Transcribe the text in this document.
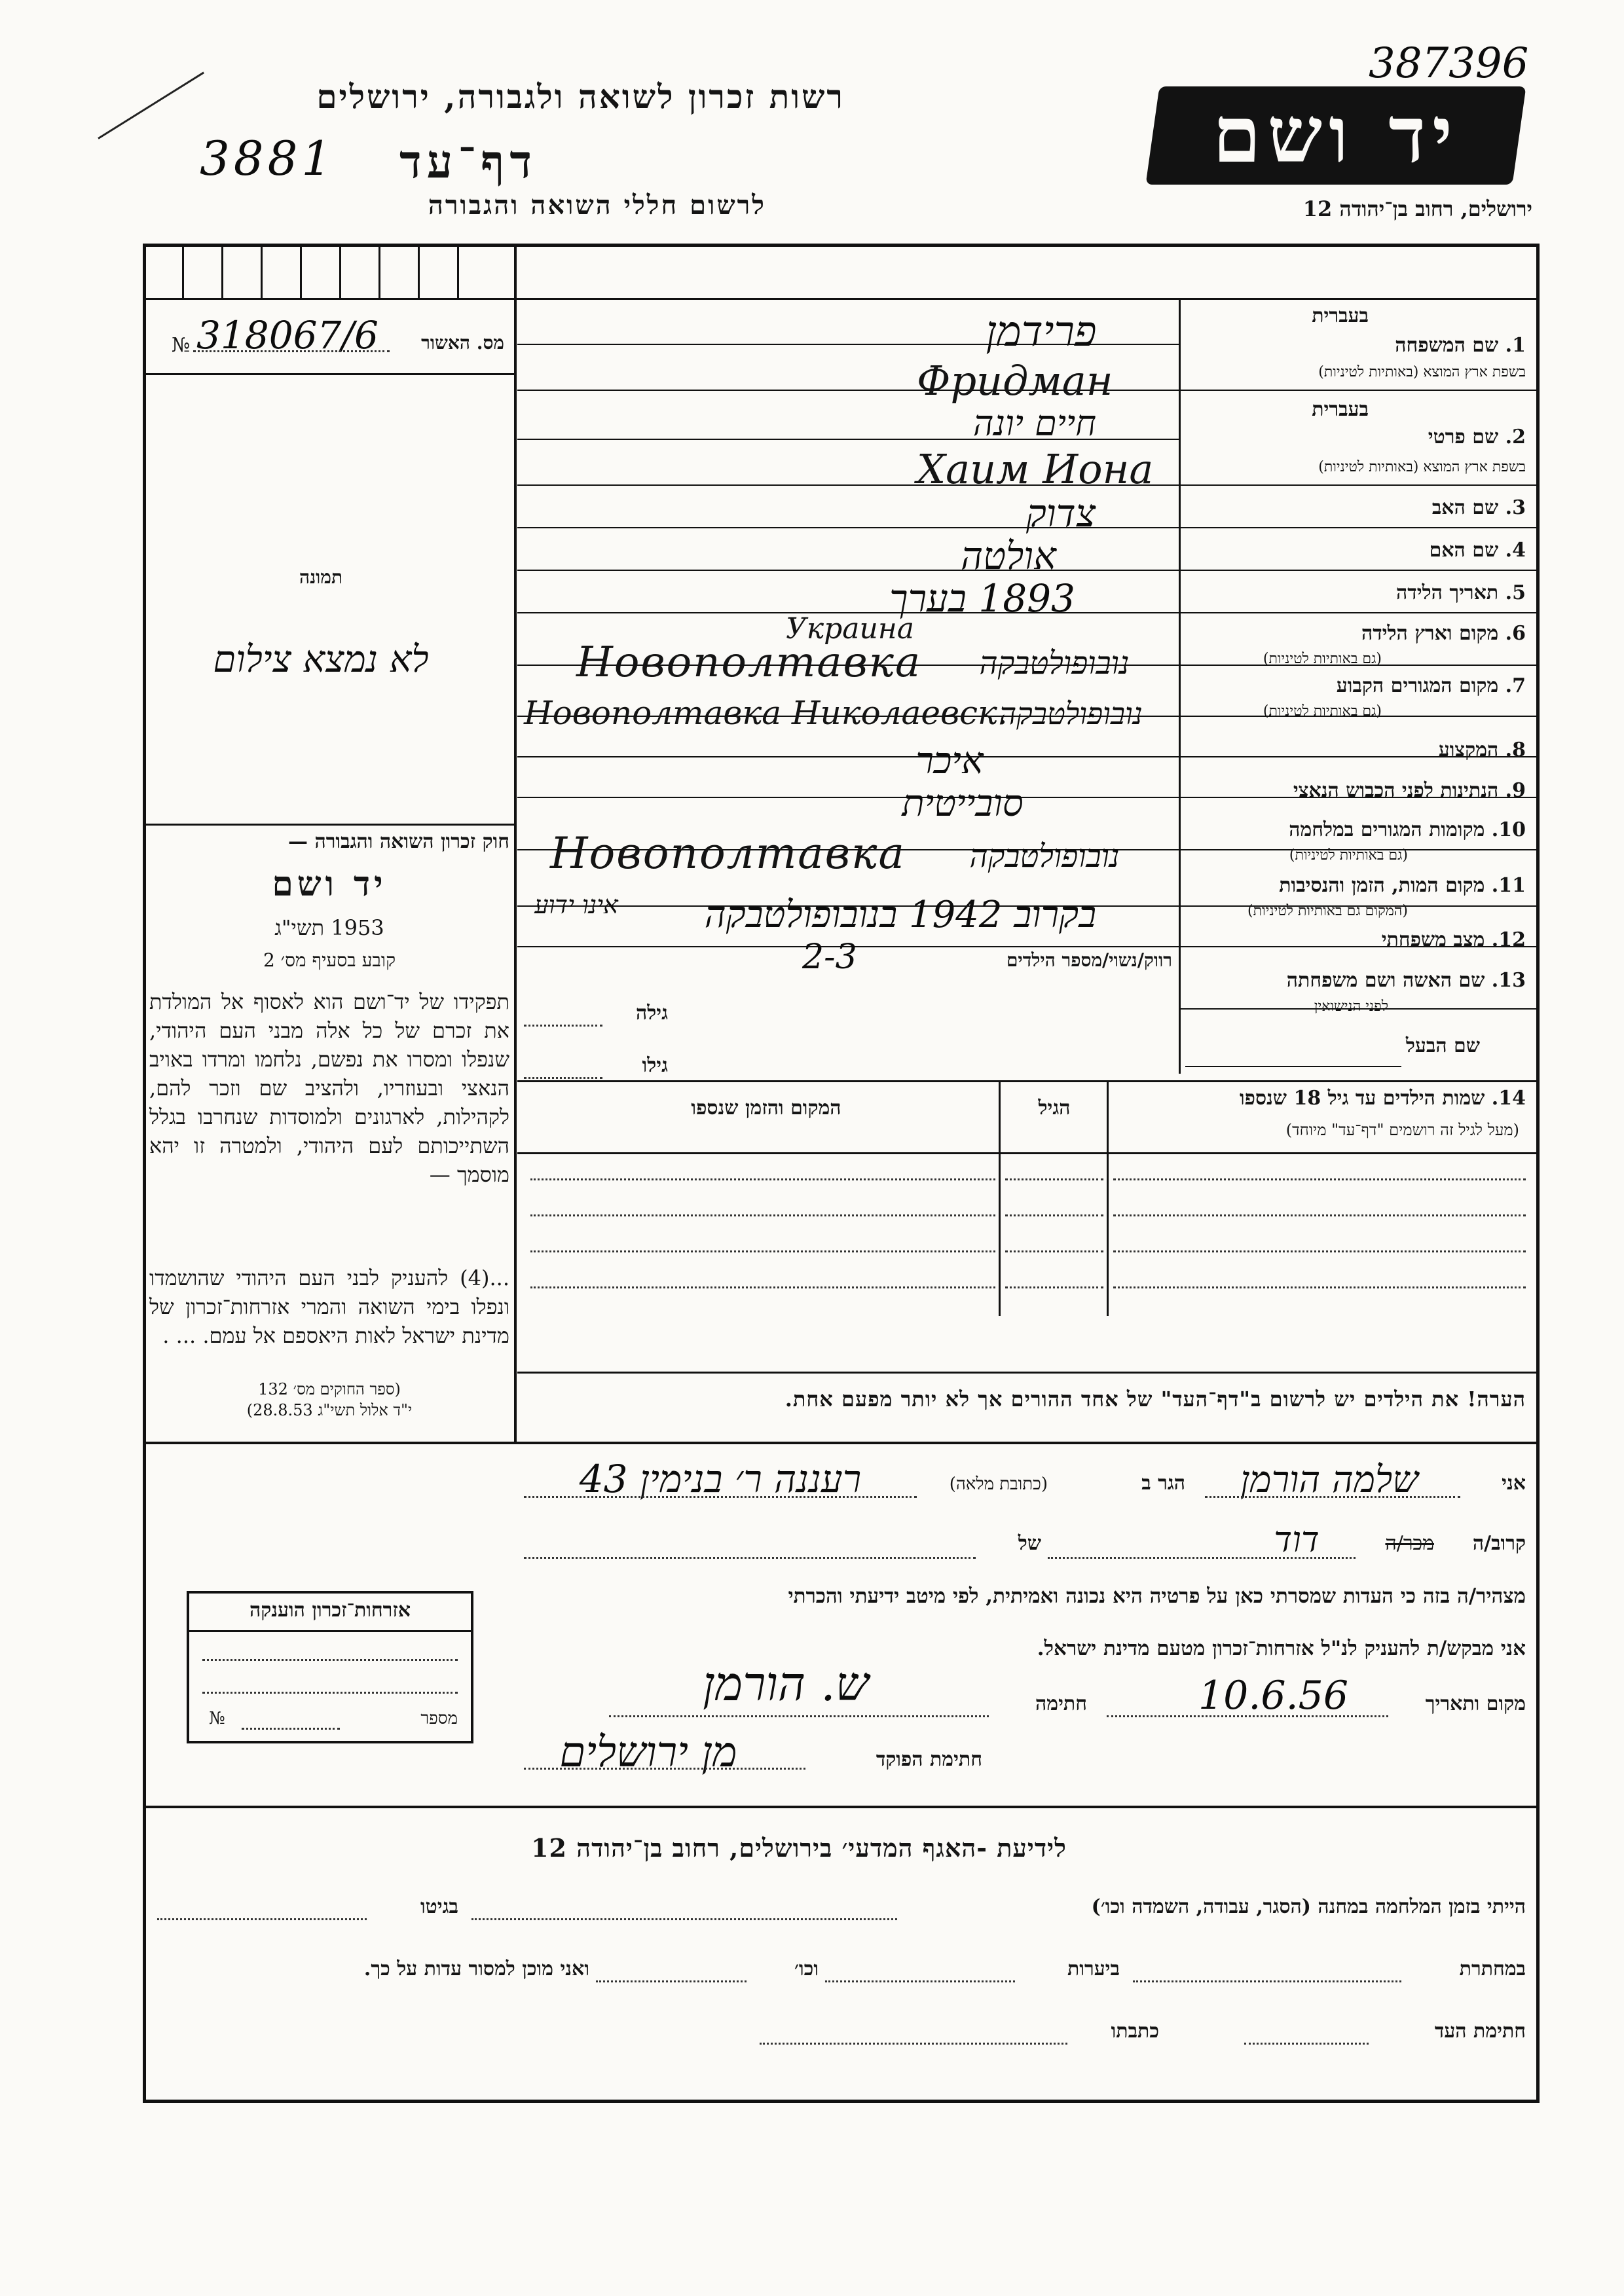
רשות זכרון לשואה ולגבורה, ירושלים
דף־עד
3881
לרשום חללי השואה והגבורה
יד ושם
387396
ירושלים, רחוב בן־יהודה 12
מס. האשור
318067/6
№
תמונה
לא נמצא צילום
חוק זכרון השואה והגבורה —
יד ושם
1953 תשי"ג
קובע בסעיף מס׳ 2
תפקידו של יד־ושם הוא לאסוף אל המולדת את זכרם של כל אלה מבני העם היהודי, שנפלו ומסרו את נפשם, נלחמו ומרדו באויב הנאצי ובעוזריו, ולהציב שם וזכר להם, לקהילות, לארגונים ולמוסדות שנחרבו בגלל השתייכותם לעם היהודי, ולמטרה זו יהא מוסמך —
...(4) להעניק לבני העם היהודי שהושמדו ונפלו בימי השואה והמרי אזרחות־זכרון של מדינת ישראל לאות היאספם אל עמם. ... .
(ספר החוקים מס׳ 132
י"ד אלול תשי"ג 28.8.53)
אזרחות־זכרון הוענקה
מספר
№
בעברית
1. שם המשפחה
בשפת ארץ המוצא (באותיות לטיניות)
בעברית
2. שם פרטי
בשפת ארץ המוצא (באותיות לטיניות)
3. שם האב
4. שם האם
5. תאריך הלידה
6. מקום וארץ הלידה
(גם באותיות לטיניות)
7. מקום המגורים הקבוע
(גם באותיות לטיניות)
8. המקצוע
9. הנתינות לפני הכבוש הנאצי
10. מקומות המגורים במלחמה
(גם באותיות לטיניות)
11. מקום המות, הזמן והנסיבות
(המקום גם באותיות לטיניות)
12. מצב משפחתי
13. שם האשה ושם משפחתה
לפני הנישואין
שם הבעל
רווק/נשוי/מספר הילדים
גילה
גילו
פרידמן
Фридман
חיים יונה
Хаим Иона
צדוק
אולטה
1893 בערך
Украина
Новополтавка	נובופולטבקה
Новополтавка Николаевск.
נובופולטבקה
איכר
סובייטית
Новополтавка	נובופולטבקה
בקרוב 1942 בנובופולטבקה
אינו ידוע
2-3
14. שמות הילדים עד גיל 18 שנספו
(מעל לגיל זה רושמים "דף־עד" מיוחד)
הגיל
המקום והזמן שנספו
הערה! את הילדים יש לרשום ב"דף־העד" של אחד ההורים אך לא יותר מפעם אחת.
אני
שלמה הורמן
הגר ב
(כתובת מלאה)
רעננה ר׳ בנימין 43
קרוב/ה
מכר/ה
דוד
של
מצהיר/ה בזה כי העדות שמסרתי כאן על פרטיה היא נכונה ואמיתית, לפי מיטב ידיעתי והכרתי
אני מבקש/ת להעניק לנ"ל אזרחות־זכרון מטעם מדינת ישראל.
מקום ותאריך
10.6.56
חתימה
ש. הורמן
חתימת הפוקד
מן ירושלים
לידיעת -האגף המדעי׳ בירושלים, רחוב בן־יהודה 12
הייתי בזמן המלחמה במחנה (הסגר, עבודה, השמדה וכו׳)
בגיטו
במחתרת
ביערות
וכו׳
ואני מוכן למסור עדות על כך.
חתימת העד
כתבתו
